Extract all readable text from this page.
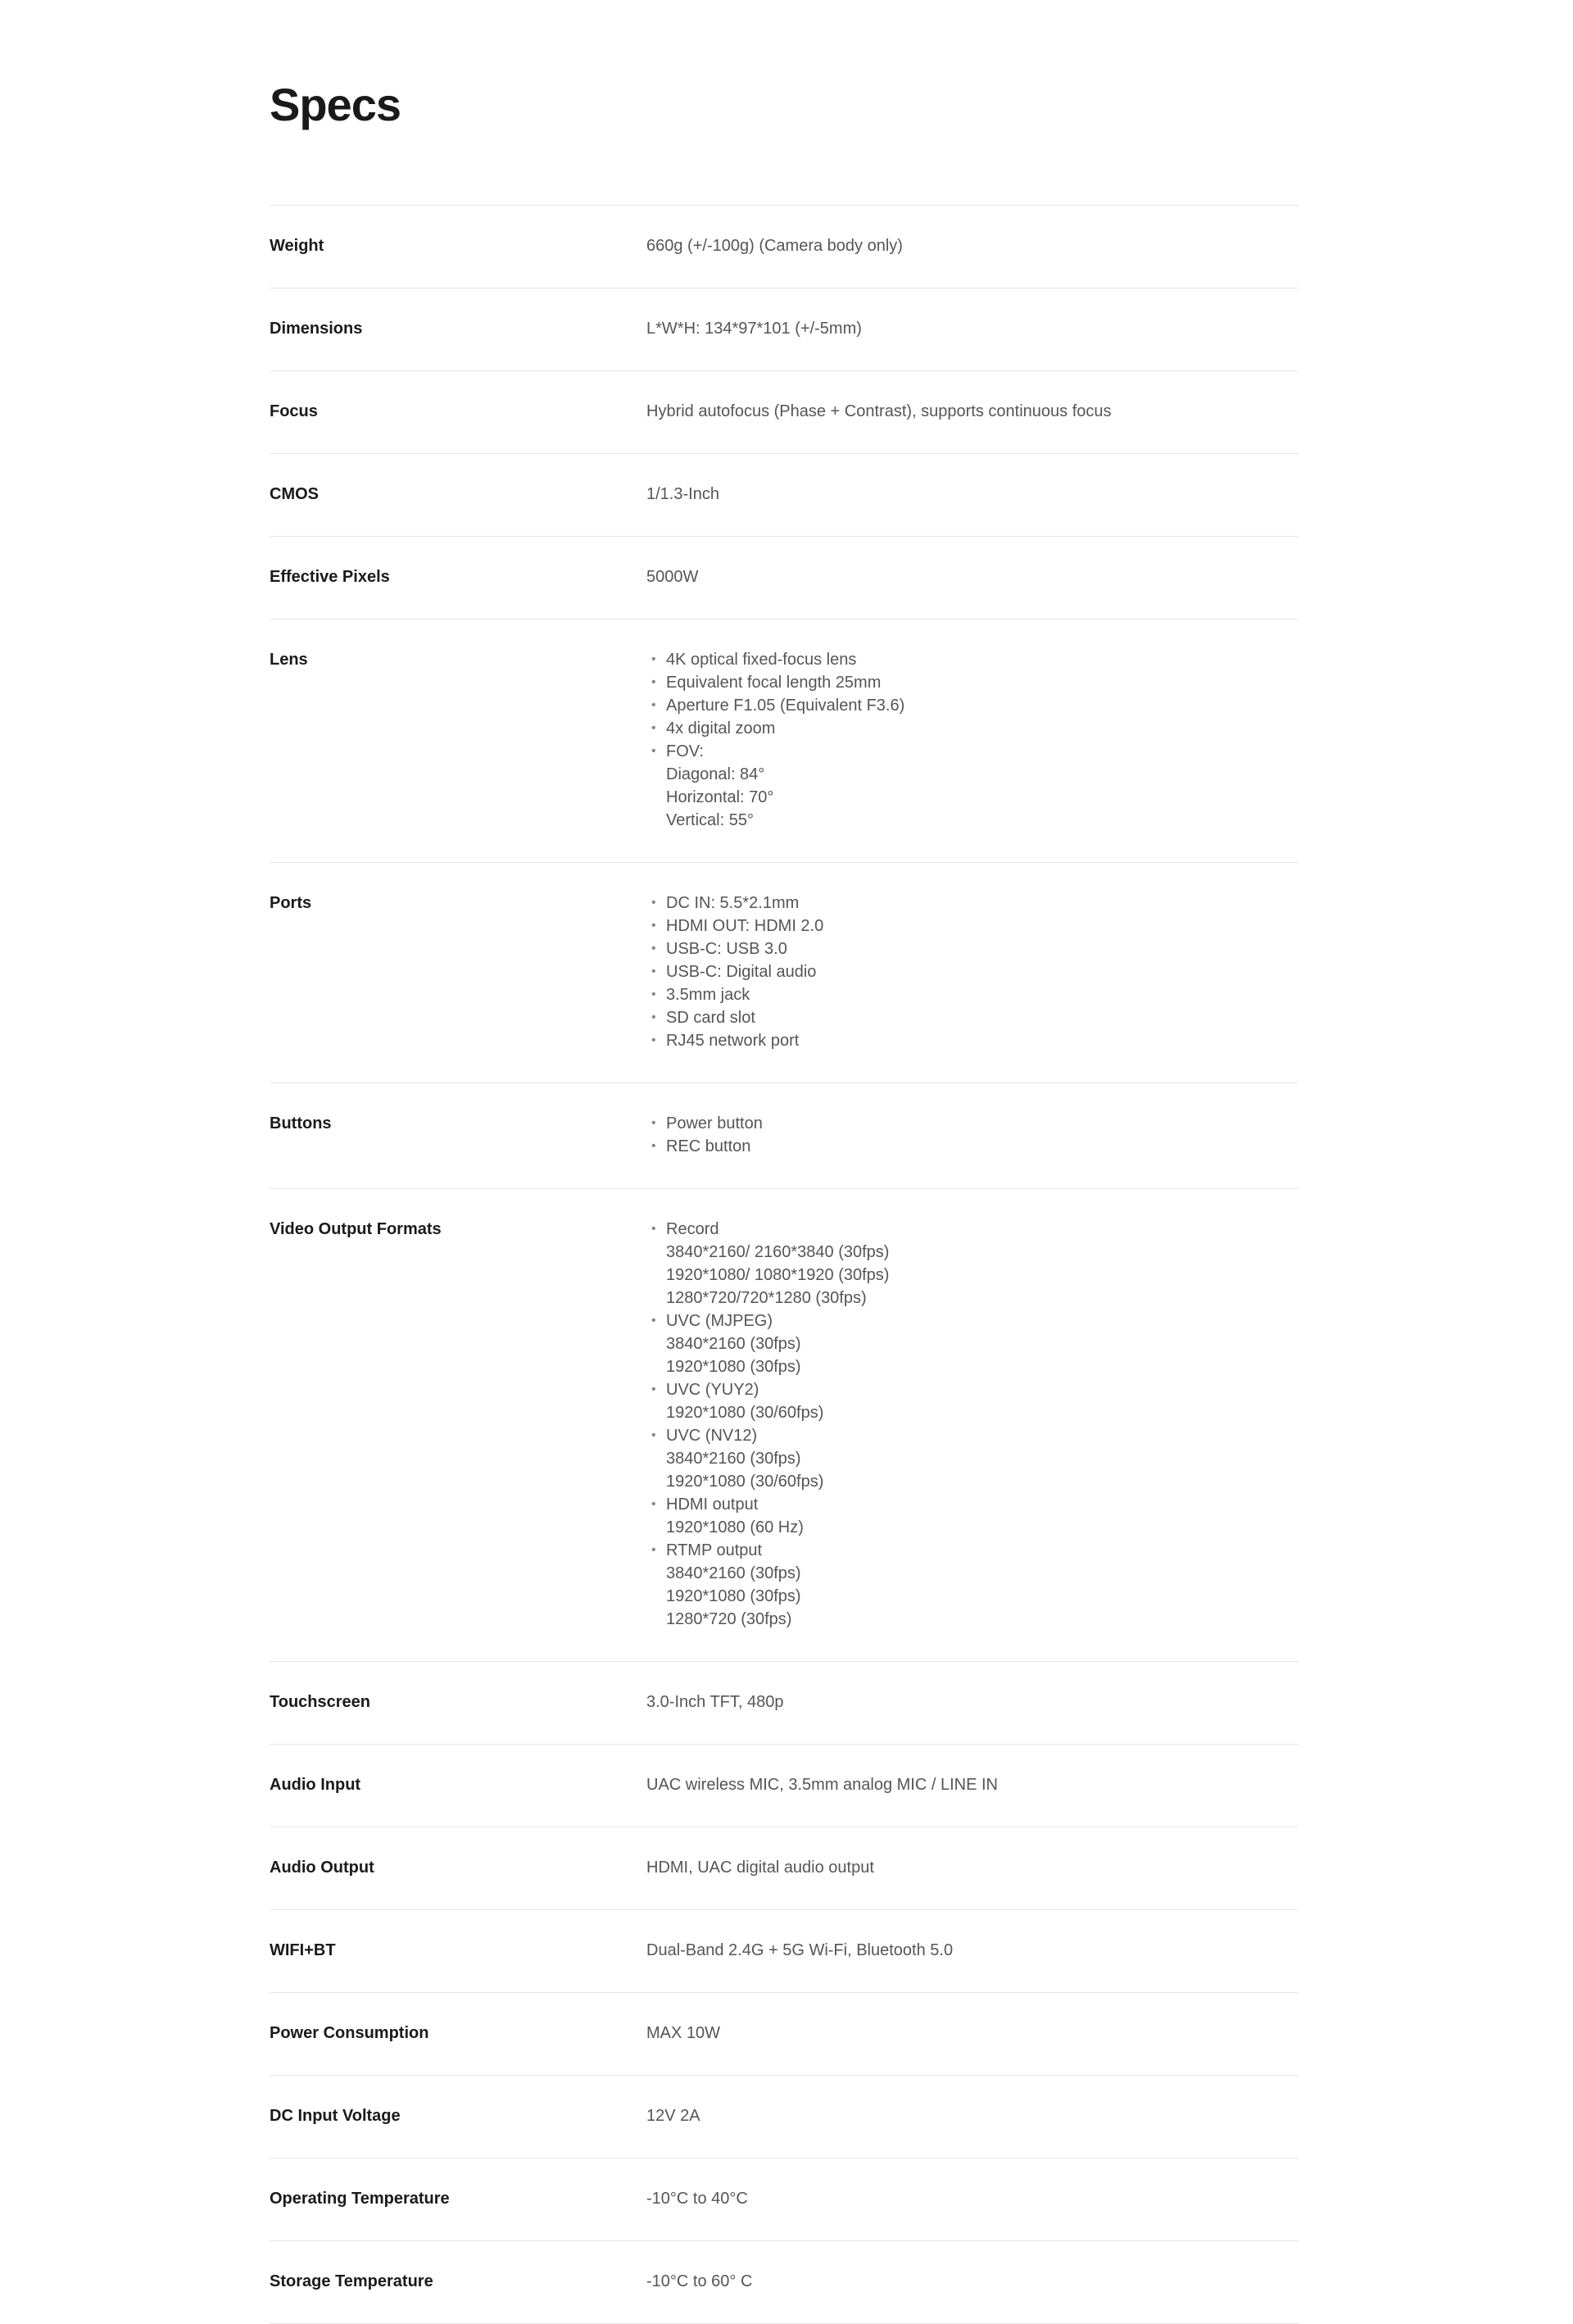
Specs
Weight	660g (+/-100g) (Camera body only)
Dimensions	L*W*H: 134*97*101 (+/-5mm)
Focus	Hybrid autofocus (Phase + Contrast), supports continuous focus
CMOS	1/1.3-Inch
Effective Pixels	5000W
Lens	• 4K optical fixed-focus lens
• Equivalent focal length 25mm
• Aperture F1.05 (Equivalent F3.6)
• 4x digital zoom
• FOV:
Diagonal: 84°
Horizontal: 70°
Vertical: 55°
Ports	• DC IN: 5.5*2.1mm
• HDMI OUT: HDMI 2.0
• USB-C: USB 3.0
• USB-C: Digital audio
• 3.5mm jack
• SD card slot
• RJ45 network port
Buttons	• Power button
• REC button
Video Output Formats	• Record
3840*2160/ 2160*3840 (30fps)
1920*1080/ 1080*1920 (30fps)
1280*720/720*1280 (30fps)
• UVC (MJPEG)
3840*2160 (30fps)
1920*1080 (30fps)
• UVC (YUY2)
1920*1080 (30/60fps)
• UVC (NV12)
3840*2160 (30fps)
1920*1080 (30/60fps)
• HDMI output
1920*1080 (60 Hz)
• RTMP output
3840*2160 (30fps)
1920*1080 (30fps)
1280*720 (30fps)
Touchscreen	3.0-Inch TFT, 480p
Audio Input	UAC wireless MIC, 3.5mm analog MIC / LINE IN
Audio Output	HDMI, UAC digital audio output
WIFI+BT	Dual-Band 2.4G + 5G Wi-Fi, Bluetooth 5.0
Power Consumption	MAX 10W
DC Input Voltage	12V 2A
Operating Temperature	-10°C to 40°C
Storage Temperature	-10°C to 60° C
